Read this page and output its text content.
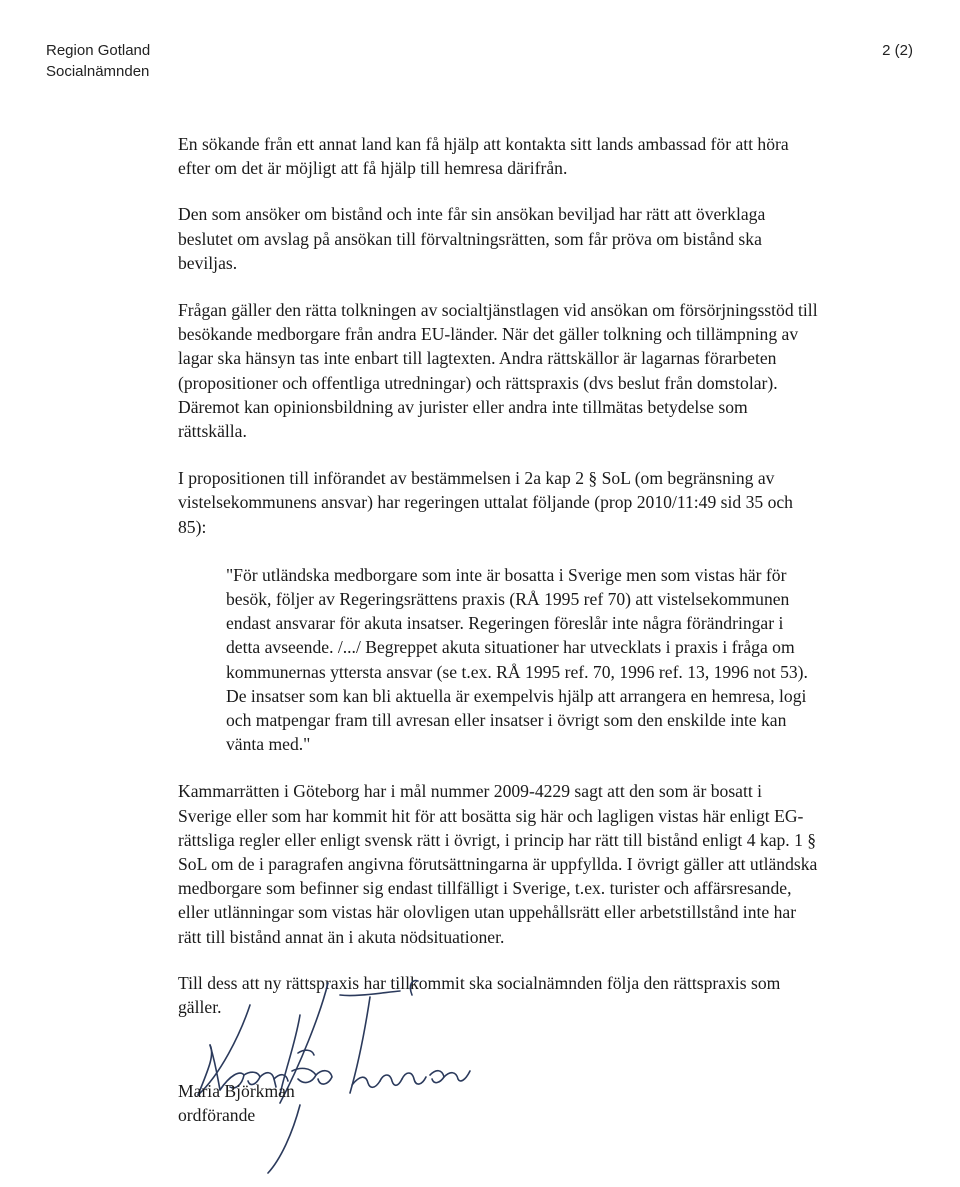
Region Gotland
Socialnämnden
2 (2)

En sökande från ett annat land kan få hjälp att kontakta sitt lands ambassad för att höra efter om det är möjligt att få hjälp till hemresa därifrån.

Den som ansöker om bistånd och inte får sin ansökan beviljad har rätt att överklaga beslutet om avslag på ansökan till förvaltningsrätten, som får pröva om bistånd ska beviljas.

Frågan gäller den rätta tolkningen av socialtjänstlagen vid ansökan om försörjningsstöd till besökande medborgare från andra EU-länder. När det gäller tolkning och tillämpning av lagar ska hänsyn tas inte enbart till lagtexten. Andra rättskällor är lagarnas förarbeten (propositioner och offentliga utredningar) och rättspraxis (dvs beslut från domstolar). Däremot kan opinionsbildning av jurister eller andra inte tillmätas betydelse som rättskälla.

I propositionen till införandet av bestämmelsen i 2a kap 2 § SoL (om begränsning av vistelsekommunens ansvar) har regeringen uttalat följande (prop 2010/11:49 sid 35 och 85):

"För utländska medborgare som inte är bosatta i Sverige men som vistas här för besök, följer av Regeringsrättens praxis (RÅ 1995 ref 70) att vistelsekommunen endast ansvarar för akuta insatser. Regeringen föreslår inte några förändringar i detta avseende. /.../ Begreppet akuta situationer har utvecklats i praxis i fråga om kommunernas yttersta ansvar (se t.ex. RÅ 1995 ref. 70, 1996 ref. 13, 1996 not 53). De insatser som kan bli aktuella är exempelvis hjälp att arrangera en hemresa, logi och matpengar fram till avresan eller insatser i övrigt som den enskilde inte kan vänta med."

Kammarrätten i Göteborg har i mål nummer 2009-4229 sagt att den som är bosatt i Sverige eller som har kommit hit för att bosätta sig här och lagligen vistas här enligt EG-rättsliga regler eller enligt svensk rätt i övrigt, i princip har rätt till bistånd enligt 4 kap. 1 § SoL om de i paragrafen angivna förutsättningarna är uppfyllda. I övrigt gäller att utländska medborgare som befinner sig endast tillfälligt i Sverige, t.ex. turister och affärsresande, eller utlänningar som vistas här olovligen utan uppehållsrätt eller arbetstillstånd inte har rätt till bistånd annat än i akuta nödsituationer.

Till dess att ny rättspraxis har tillkommit ska socialnämnden följa den rättspraxis som gäller.

Maria Björkman
ordförande
